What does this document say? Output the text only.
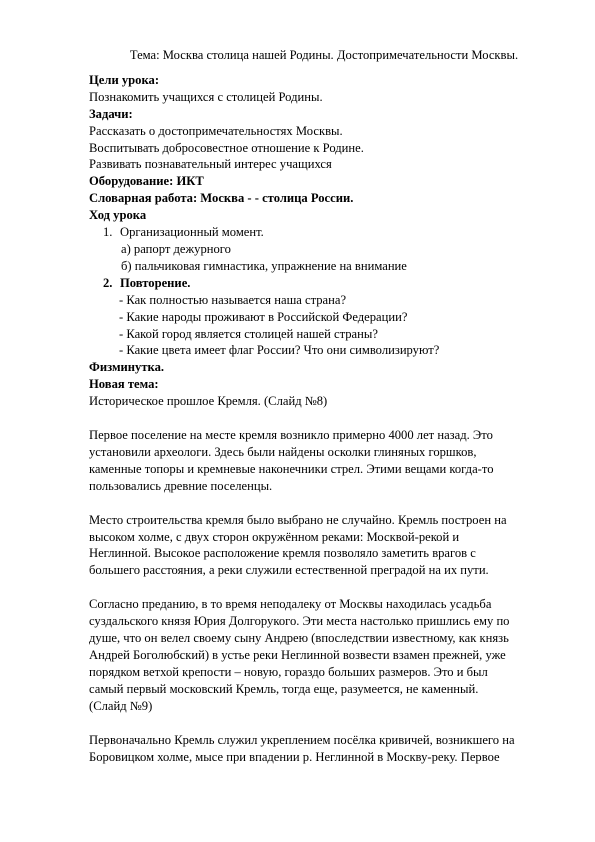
Тема: Москва столица нашей Родины. Достопримечательности Москвы.
Цели урока:
Познакомить учащихся с столицей Родины.
Задачи:
Рассказать о достопримечательностях Москвы.
Воспитывать добросовестное отношение к Родине.
Развивать познавательный интерес учащихся
Оборудование: ИКТ
Словарная работа: Москва - - столица России.
Ход урока
1. Организационный момент.
а) рапорт дежурного
б) пальчиковая гимнастика, упражнение на внимание
2. Повторение.
- Как полностью называется наша страна?
- Какие народы проживают в Российской Федерации?
- Какой город является столицей нашей страны?
- Какие цвета имеет флаг России? Что они символизируют?
Физминутка.
Новая тема:
Историческое прошлое Кремля. (Слайд №8)
Первое поселение на месте кремля возникло примерно 4000 лет назад. Это
установили археологи. Здесь были найдены осколки глиняных горшков,
каменные топоры и кремневые наконечники стрел. Этими вещами когда-то
пользовались древние поселенцы.
Место строительства кремля было выбрано не случайно. Кремль построен на
высоком холме, с двух сторон окружённом реками: Москвой-рекой и
Неглинной. Высокое расположение кремля позволяло заметить врагов с
большего расстояния, а реки служили естественной преградой на их пути.
Согласно преданию, в то время неподалеку от Москвы находилась усадьба
суздальского князя Юрия Долгорукого. Эти места настолько пришлись ему по
душе, что он велел своему сыну Андрею (впоследствии известному, как князь
Андрей Боголюбский) в устье реки Неглинной возвести взамен прежней, уже
порядком ветхой крепости – новую, гораздо больших размеров. Это и был
самый первый московский Кремль, тогда еще, разумеется, не каменный.
(Слайд №9)
Первоначально Кремль служил укреплением посёлка кривичей, возникшего на
Боровицком холме, мысе при впадении р. Неглинной в Москву-реку. Первое
